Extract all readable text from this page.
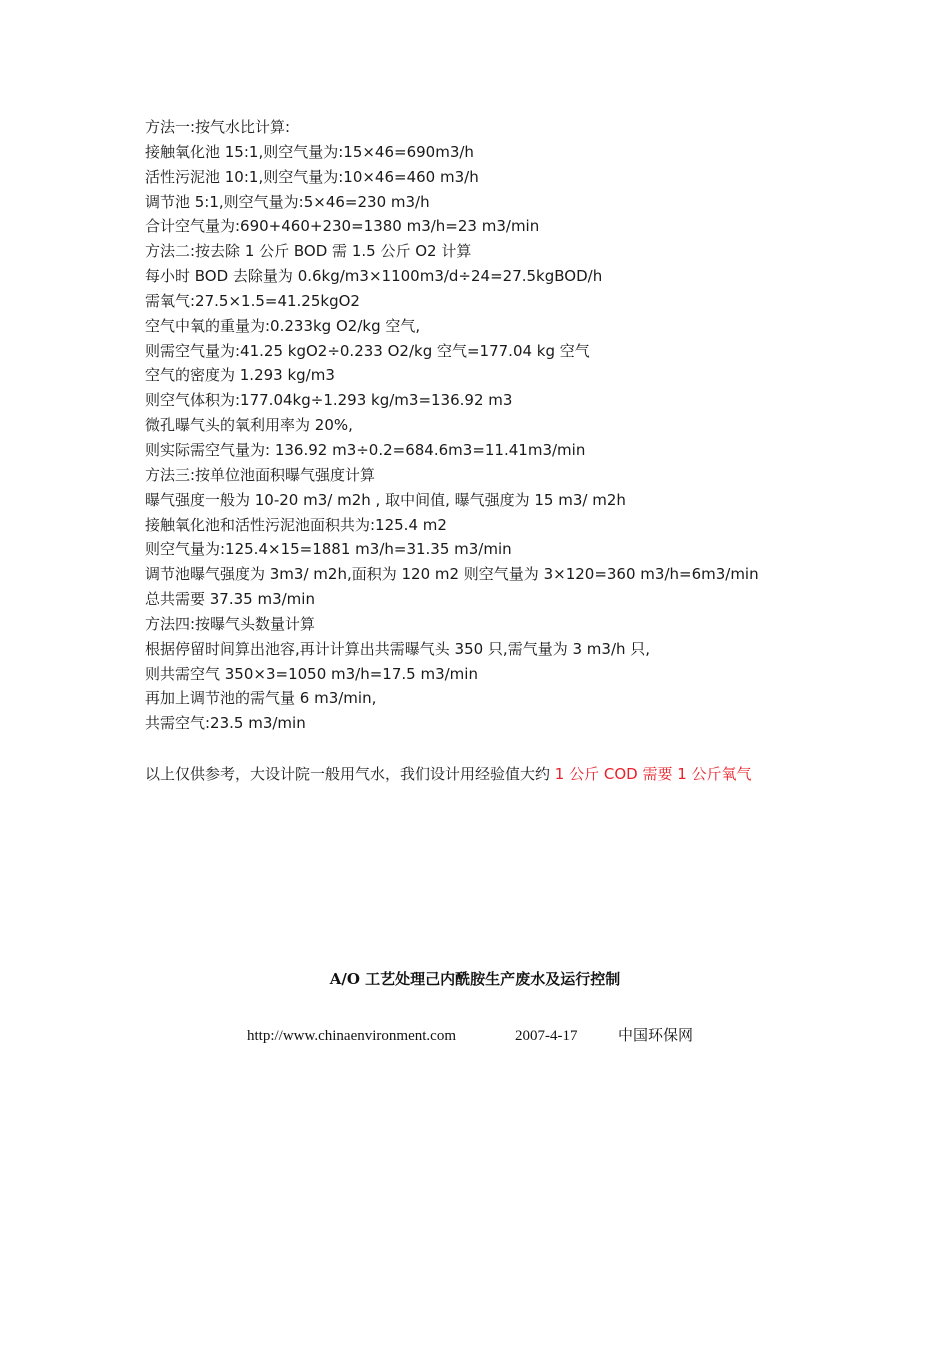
方法一:按气水比计算:
接触氧化池 15:1,则空气量为:15×46=690m3/h
活性污泥池 10:1,则空气量为:10×46=460 m3/h
调节池 5:1,则空气量为:5×46=230 m3/h
合计空气量为:690+460+230=1380 m3/h=23 m3/min
方法二:按去除 1 公斤 BOD 需 1.5 公斤 O2 计算
每小时 BOD 去除量为 0.6kg/m3×1100m3/d÷24=27.5kgBOD/h
需氧气:27.5×1.5=41.25kgO2
空气中氧的重量为:0.233kg O2/kg 空气,
则需空气量为:41.25 kgO2÷0.233 O2/kg 空气=177.04 kg 空气
空气的密度为 1.293 kg/m3
则空气体积为:177.04kg÷1.293 kg/m3=136.92 m3
微孔曝气头的氧利用率为 20%,
则实际需空气量为: 136.92 m3÷0.2=684.6m3=11.41m3/min
方法三:按单位池面积曝气强度计算
曝气强度一般为 10-20 m3/ m2h , 取中间值, 曝气强度为 15 m3/ m2h
接触氧化池和活性污泥池面积共为:125.4 m2
则空气量为:125.4×15=1881 m3/h=31.35 m3/min
调节池曝气强度为 3m3/ m2h,面积为 120 m2 则空气量为 3×120=360 m3/h=6m3/min
总共需要 37.35 m3/min
方法四:按曝气头数量计算
根据停留时间算出池容,再计计算出共需曝气头 350 只,需气量为 3 m3/h 只,
则共需空气 350×3=1050 m3/h=17.5 m3/min
再加上调节池的需气量 6 m3/min,
共需空气:23.5 m3/min
以上仅供参考，大设计院一般用气水，我们设计用经验值大约 1 公斤 COD 需要 1 公斤氧气
A/O 工艺处理己内酰胺生产废水及运行控制
http://www.chinaenvironment.com	2007-4-17	中国环保网
